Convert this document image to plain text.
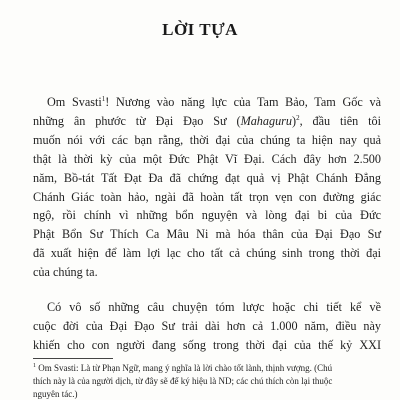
LỜI TỰA
Om Svasti$^1$! Nương vào năng lực của Tam Bảo, Tam Gốc và
những ân phước từ Đại Đạo Sư (Mahaguru)$^2$, đầu tiên tôi
muốn nói với các bạn rằng, thời đại của chúng ta hiện nay quả
thật là thời kỳ của một Đức Phật Vĩ Đại. Cách đây hơn 2.500
năm, Bồ-tát Tất Đạt Đa đã chứng đạt quả vị Phật Chánh Đẳng
Chánh Giác toàn hảo, ngài đã hoàn tất trọn vẹn con đường giác
ngộ, rồi chính vì những bổn nguyện và lòng đại bi của Đức
Phật Bổn Sư Thích Ca Mâu Ni mà hóa thân của Đại Đạo Sư
đã xuất hiện để làm lợi lạc cho tất cả chúng sinh trong thời đại
của chúng ta.
Có vô số những câu chuyện tóm lược hoặc chi tiết kể về
cuộc đời của Đại Đạo Sư trải dài hơn cả 1.000 năm, điều này
khiến cho con người đang sống trong thời đại của thế kỷ XXI
$^1$ Om Svasti: Là từ Phạn Ngữ, mang ý nghĩa là lời chào tốt lành, thịnh vượng. (Chú
thích này là của người dịch, từ đây sẽ để ký hiệu là ND; các chú thích còn lại thuộc
nguyên tác.)
